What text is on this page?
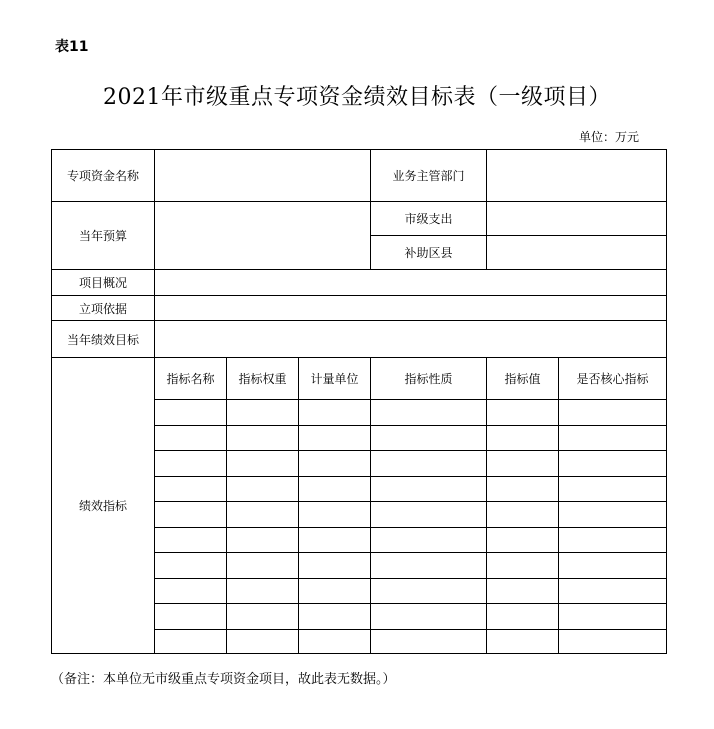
表11
2021年市级重点专项资金绩效目标表（一级项目）
单位：万元
专项资金名称				业务主管部门		
当年预算				市级支出		
				补助区县		
项目概况						
立项依据						
当年绩效目标						
绩效指标	指标名称	指标权重	计量单位	指标性质	指标值	是否核心指标

（备注：本单位无市级重点专项资金项目，故此表无数据。）
